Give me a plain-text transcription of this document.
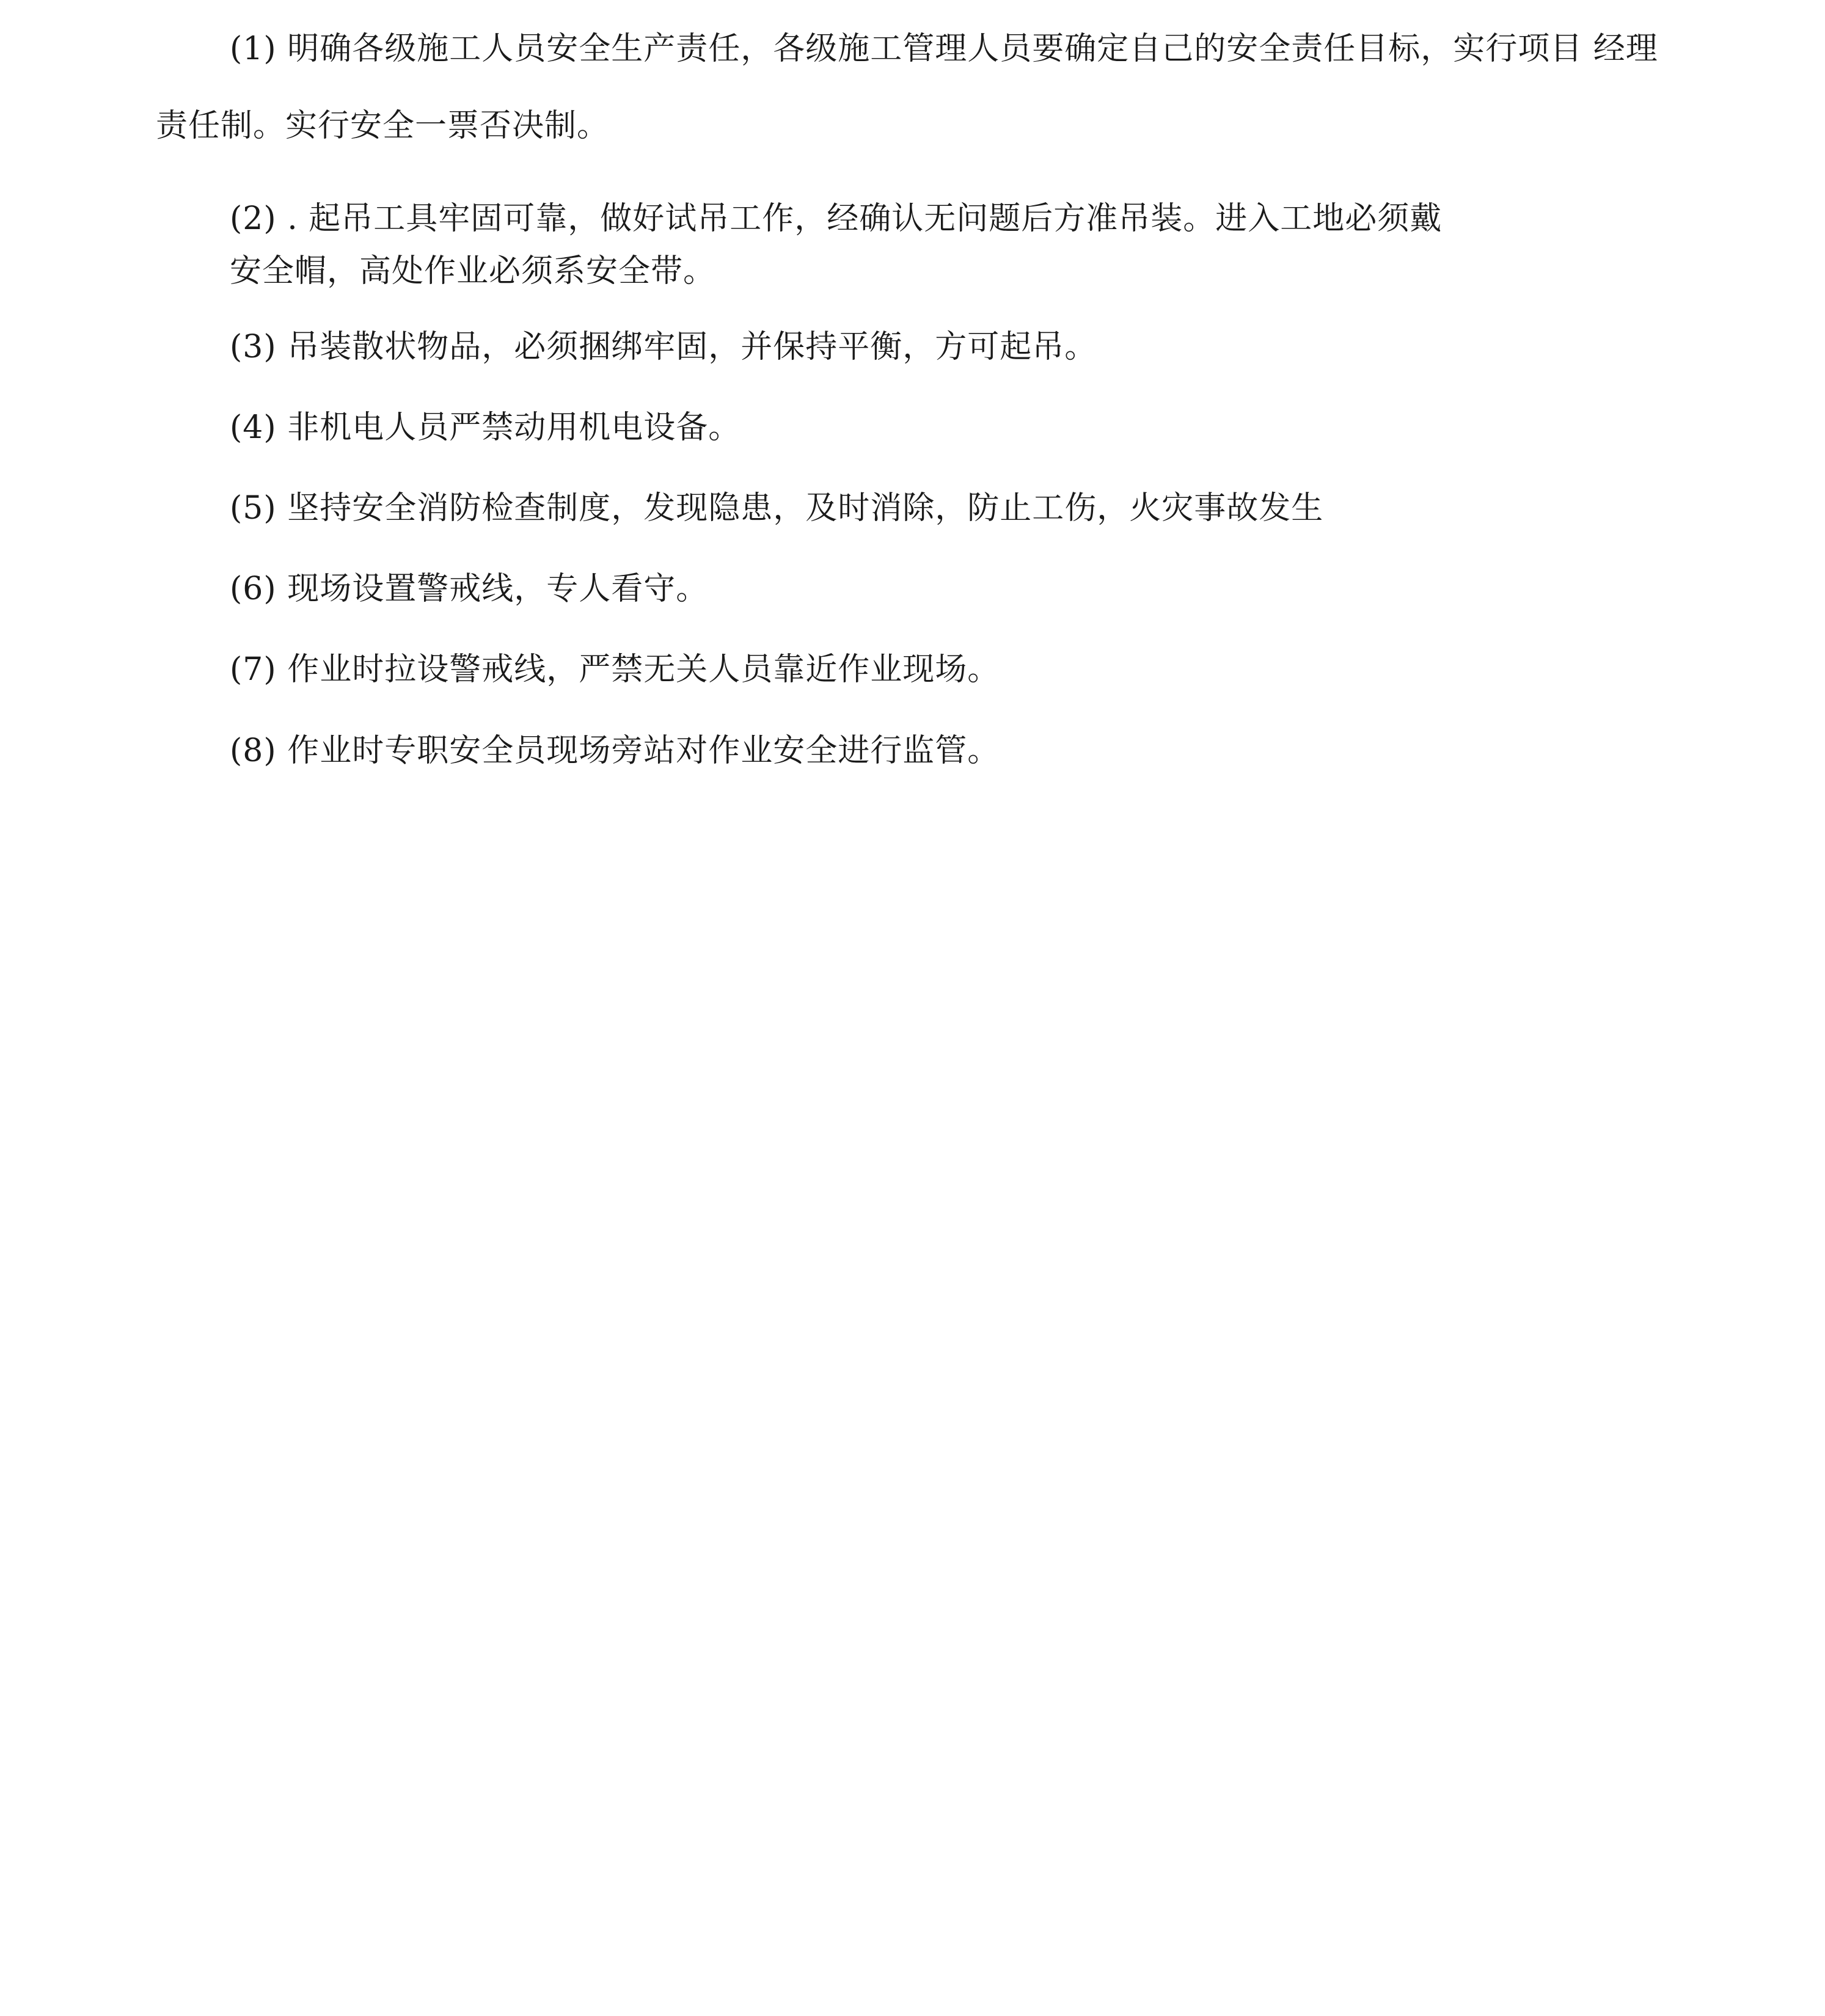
(1) 明确各级施工人员安全生产责任，各级施工管理人员要确定自己的安全责任目标，实行项目 经理
责任制。实行安全一票否决制。
(2) . 起吊工具牢固可靠，做好试吊工作，经确认无问题后方准吊装。进入工地必须戴
安全帽，高处作业必须系安全带。
(3) 吊装散状物品，必须捆绑牢固，并保持平衡，方可起吊。
(4) 非机电人员严禁动用机电设备。
(5) 坚持安全消防检查制度，发现隐患，及时消除，防止工伤，火灾事故发生
(6) 现场设置警戒线，专人看守。
(7) 作业时拉设警戒线，严禁无关人员靠近作业现场。
(8) 作业时专职安全员现场旁站对作业安全进行监管。
